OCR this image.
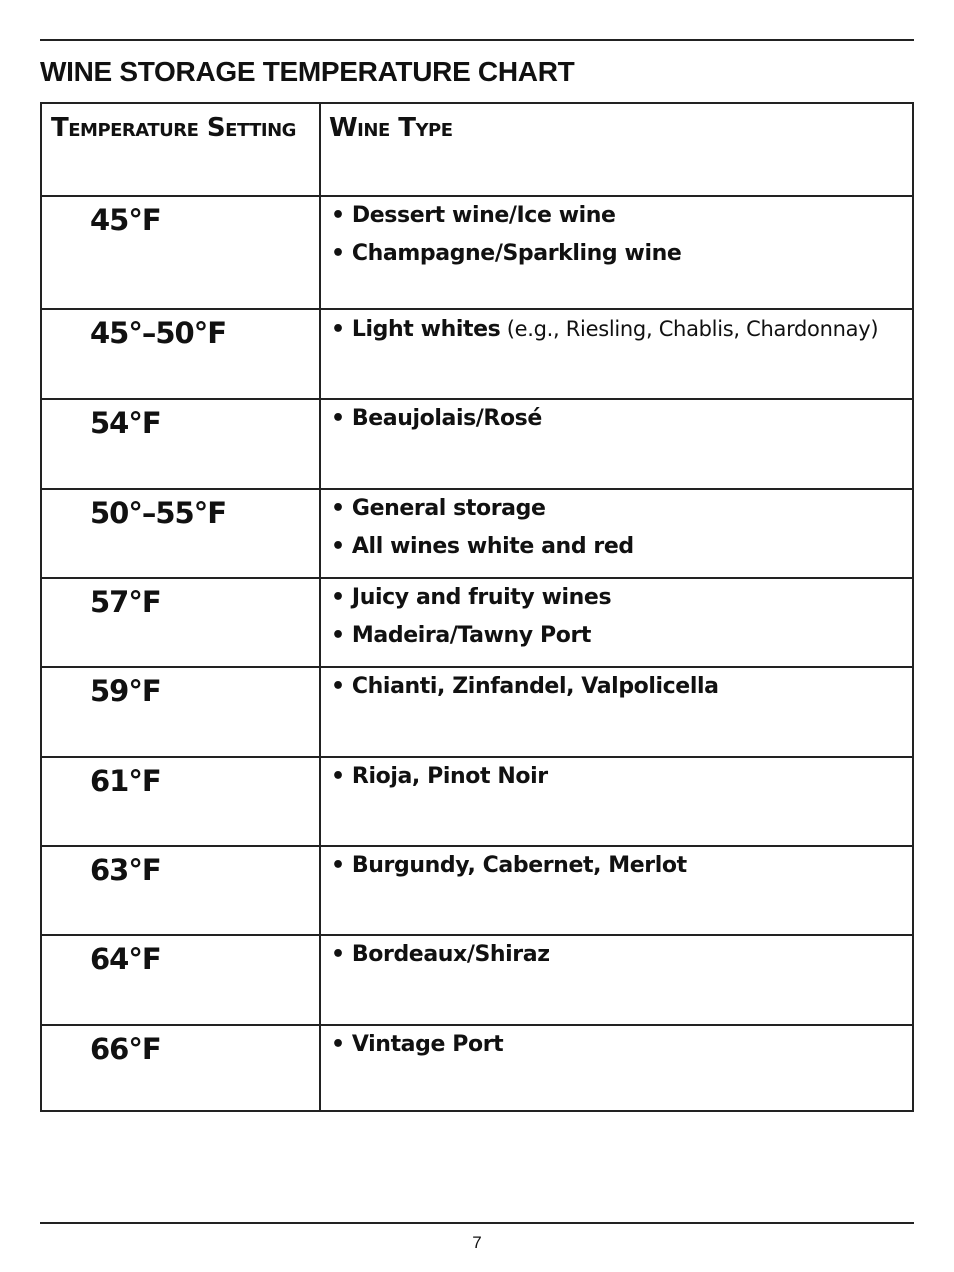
WINE STORAGE TEMPERATURE CHART
Temperature Setting	Wine Type
45°F	• Dessert wine/Ice wine
• Champagne/Sparkling wine
45°–50°F	• Light whites (e.g., Riesling, Chablis, Chardonnay)
54°F	• Beaujolais/Rosé
50°–55°F	• General storage
• All wines white and red
57°F	• Juicy and fruity wines
• Madeira/Tawny Port
59°F	• Chianti, Zinfandel, Valpolicella
61°F	• Rioja, Pinot Noir
63°F	• Burgundy, Cabernet, Merlot
64°F	• Bordeaux/Shiraz
66°F	• Vintage Port
7
